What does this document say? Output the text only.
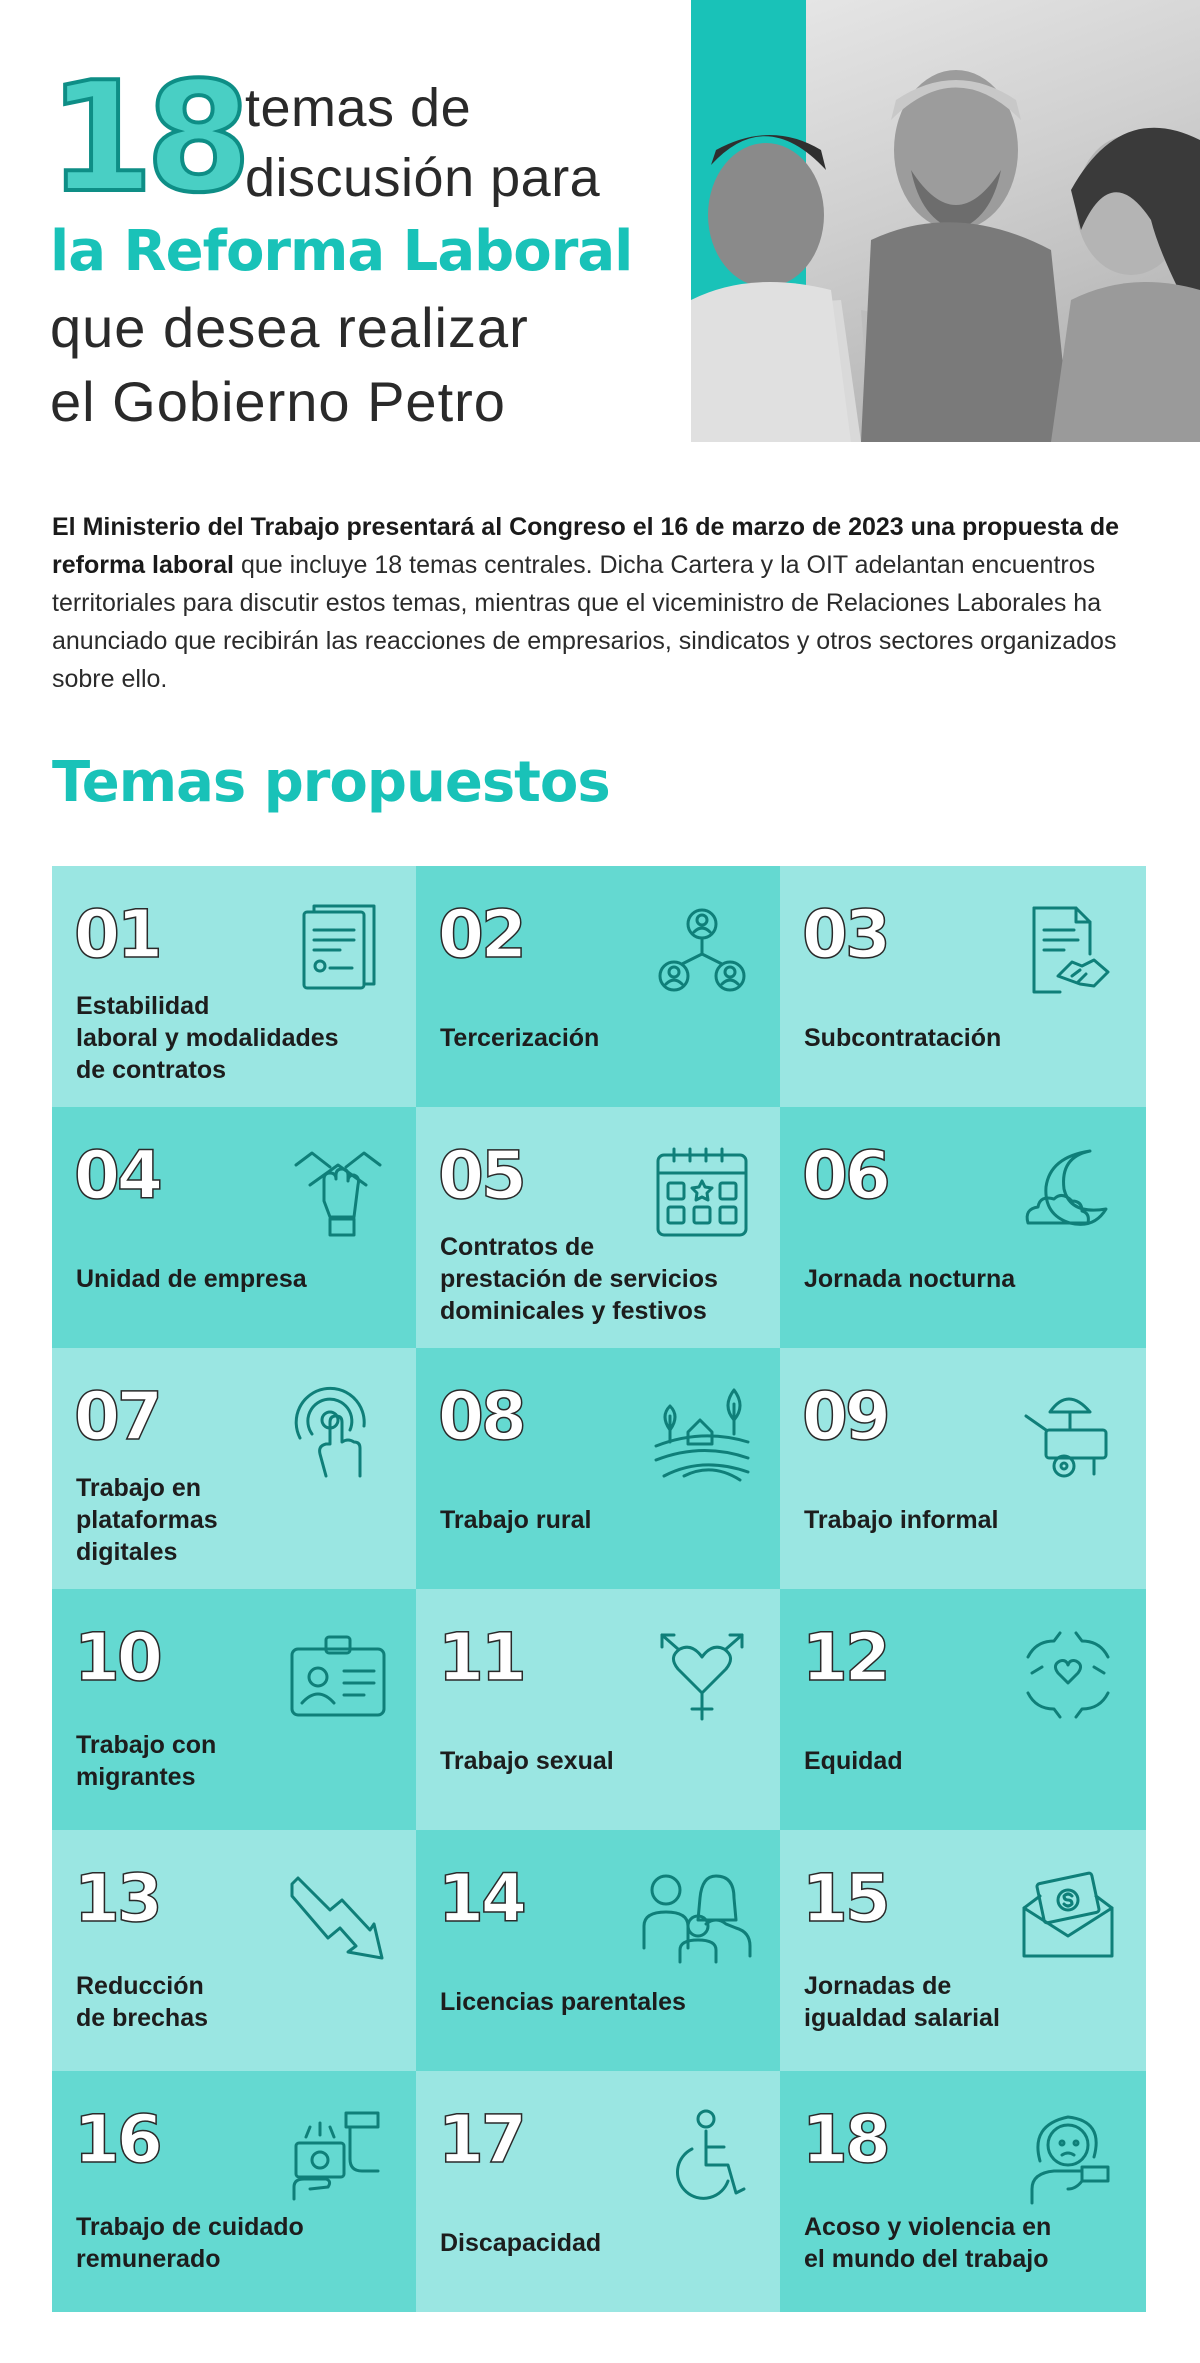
18 temas de
discusión para
la Reforma Laboral
que desea realizar
el Gobierno Petro

El Ministerio del Trabajo presentará al Congreso el 16 de marzo de 2023 una propuesta de reforma laboral que incluye 18 temas centrales. Dicha Cartera y la OIT adelantan encuentros territoriales para discutir estos temas, mientras que el viceministro de Relaciones Laborales ha anunciado que recibirán las reacciones de empresarios, sindicatos y otros sectores organizados sobre ello.

Temas propuestos
01
Estabilidad
laboral y modalidades
de contratos
02
Tercerización
03
Subcontratación
04
Unidad de empresa
05
Contratos de
prestación de servicios
dominicales y festivos
06
Jornada nocturna
07
Trabajo en
plataformas
digitales
08
Trabajo rural
09
Trabajo informal
10
Trabajo con
migrantes
11
Trabajo sexual
12
Equidad
13
Reducción
de brechas
14
Licencias parentales
15
Jornadas de
igualdad salarial
16
Trabajo de cuidado
remunerado
17
Discapacidad
18
Acoso y violencia en
el mundo del trabajo
